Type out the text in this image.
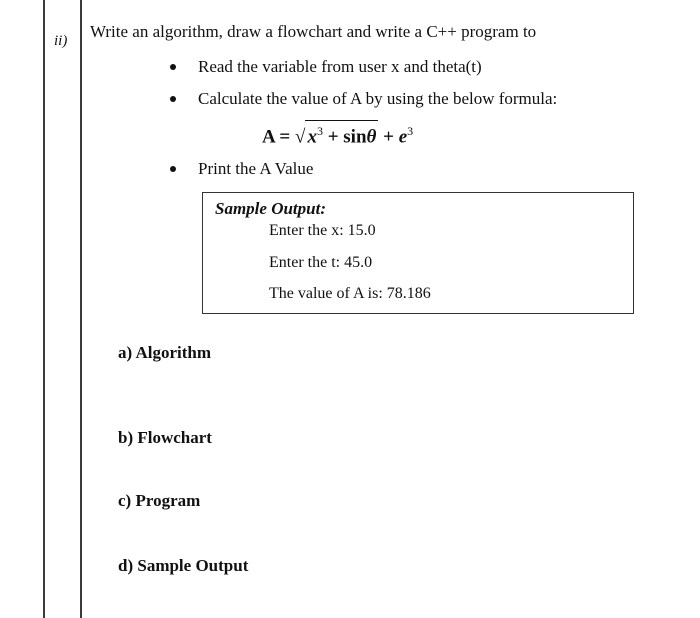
ii) Write an algorithm, draw a flowchart and write a C++ program to
Read the variable from user x and theta(t)
Calculate the value of A by using the below formula:
A = √ $x^3 + \sin\theta + e^3$
Print the A Value
Sample Output:
Enter the x: 15.0
Enter the t: 45.0
The value of A is: 78.186
a) Algorithm
b) Flowchart
c) Program
d) Sample Output
